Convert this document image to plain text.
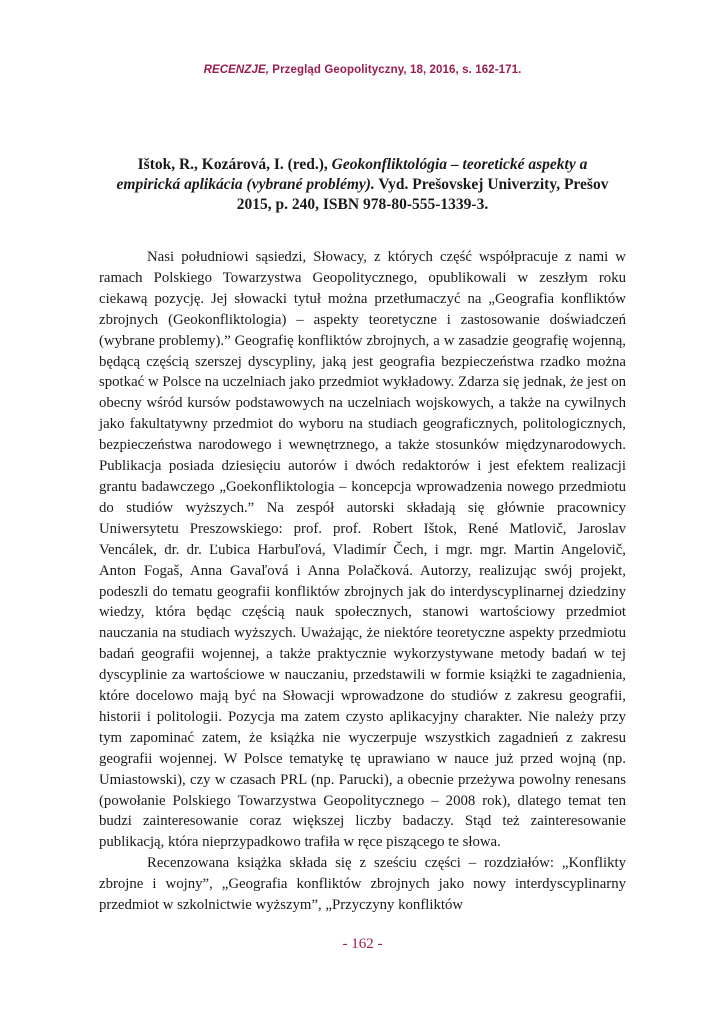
RECENZJE, Przegląd Geopolityczny, 18, 2016, s. 162-171.
Ištok, R., Kozárová, I. (red.), Geokonfliktológia – teoretické aspekty a empirická aplikácia (vybrané problémy). Vyd. Prešovskej Univerzity, Prešov 2015, p. 240, ISBN 978-80-555-1339-3.

Nasi południowi sąsiedzi, Słowacy, z których część współpracuje z nami w ramach Polskiego Towarzystwa Geopolitycznego, opublikowali w zeszłym roku ciekawą pozycję. Jej słowacki tytuł można przetłumaczyć na „Geografia konfliktów zbrojnych (Geokonfliktologia) – aspekty teoretyczne i zastosowanie doświadczeń (wybrane problemy).” Geografię konfliktów zbrojnych, a w zasadzie geografię wojenną, będącą częścią szerszej dyscypliny, jaką jest geografia bezpieczeństwa rzadko można spotkać w Polsce na uczelniach jako przedmiot wykładowy. Zdarza się jednak, że jest on obecny wśród kursów podstawowych na uczelniach wojskowych, a także na cywilnych jako fakultatywny przedmiot do wyboru na studiach geograficznych, politologicznych, bezpieczeństwa narodowego i wewnętrznego, a także stosunków międzynarodowych. Publikacja posiada dziesięciu autorów i dwóch redaktorów i jest efektem realizacji grantu badawczego „Goekonfliktologia – koncepcja wprowadzenia nowego przedmiotu do studiów wyższych.” Na zespół autorski składają się głównie pracownicy Uniwersytetu Preszowskiego: prof. prof. Robert Ištok, René Matlovič, Jaroslav Vencálek, dr. dr. Ľubica Harbuľová, Vladimír Čech, i mgr. mgr. Martin Angelovič, Anton Fogaš, Anna Gavaľová i Anna Polačková. Autorzy, realizując swój projekt, podeszli do tematu geografii konfliktów zbrojnych jak do interdyscyplinarnej dziedziny wiedzy, która będąc częścią nauk społecznych, stanowi wartościowy przedmiot nauczania na studiach wyższych. Uważając, że niektóre teoretyczne aspekty przedmiotu badań geografii wojennej, a także praktycznie wykorzystywane metody badań w tej dyscyplinie za wartościowe w nauczaniu, przedstawili w formie książki te zagadnienia, które docelowo mają być na Słowacji wprowadzone do studiów z zakresu geografii, historii i politologii. Pozycja ma zatem czysto aplikacyjny charakter. Nie należy przy tym zapominać zatem, że książka nie wyczerpuje wszystkich zagadnień z zakresu geografii wojennej. W Polsce tematykę tę uprawiano w nauce już przed wojną (np. Umiastowski), czy w czasach PRL (np. Parucki), a obecnie przeżywa powolny renesans (powołanie Polskiego Towarzystwa Geopolitycznego – 2008 rok), dlatego temat ten budzi zainteresowanie coraz większej liczby badaczy. Stąd też zainteresowanie publikacją, która nieprzypadkowo trafiła w ręce piszącego te słowa.

Recenzowana książka składa się z sześciu części – rozdziałów: „Konflikty zbrojne i wojny”, „Geografia konfliktów zbrojnych jako nowy interdyscyplinarny przedmiot w szkolnictwie wyższym”, „Przyczyny konfliktów

- 162 -
